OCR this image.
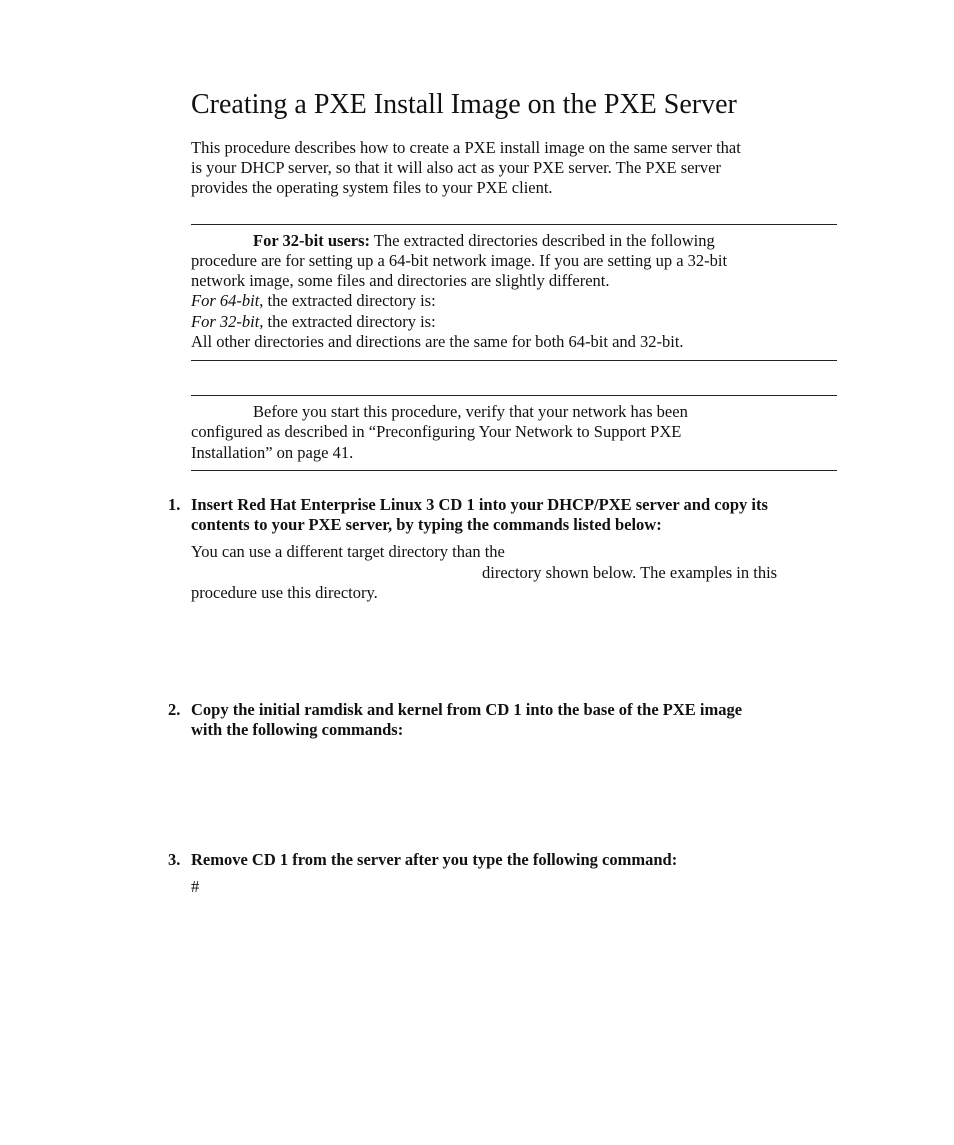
Creating a PXE Install Image on the PXE Server
This procedure describes how to create a PXE install image on the same server that
is your DHCP server, so that it will also act as your PXE server. The PXE server
provides the operating system files to your PXE client.
For 32-bit users: The extracted directories described in the following
procedure are for setting up a 64-bit network image. If you are setting up a 32-bit
network image, some files and directories are slightly different.
For 64-bit, the extracted directory is:
For 32-bit, the extracted directory is:
All other directories and directions are the same for both 64-bit and 32-bit.
Before you start this procedure, verify that your network has been
configured as described in “Preconfiguring Your Network to Support PXE
Installation” on page 41.
1. Insert Red Hat Enterprise Linux 3 CD 1 into your DHCP/PXE server and copy its
contents to your PXE server, by typing the commands listed below:
You can use a different target directory than the
directory shown below. The examples in this
procedure use this directory.
2. Copy the initial ramdisk and kernel from CD 1 into the base of the PXE image
with the following commands:
3. Remove CD 1 from the server after you type the following command:
#
